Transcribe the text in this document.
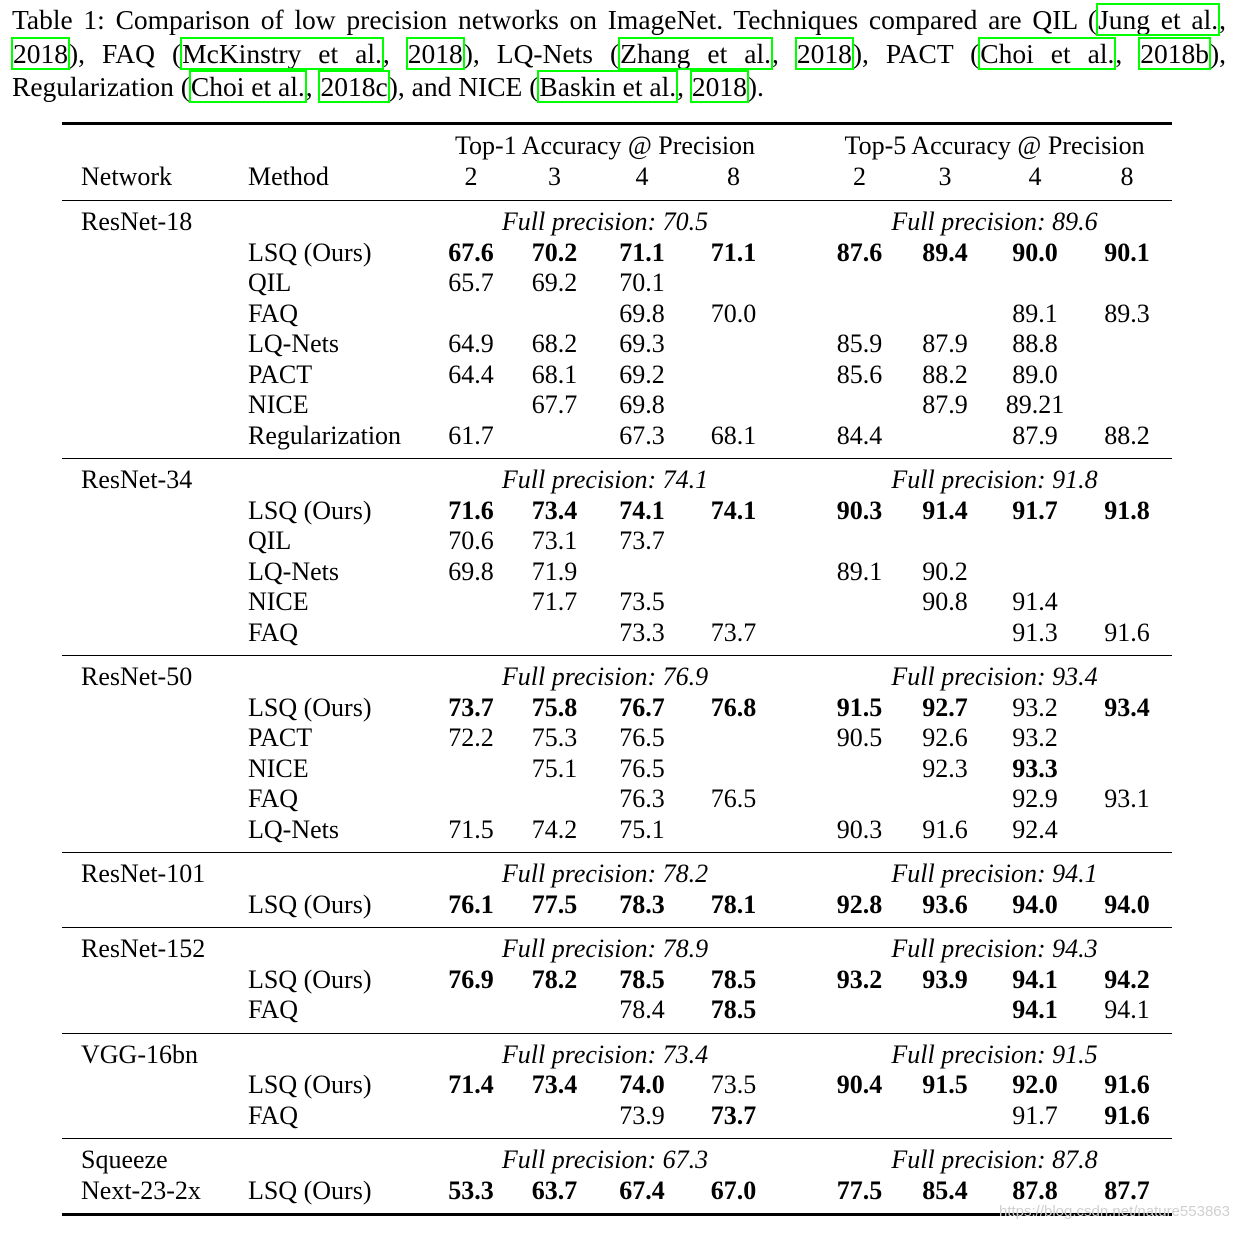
Table 1: Comparison of low precision networks on ImageNet. Techniques compared are QIL (Jung et al., 2018), FAQ (McKinstry et al., 2018), LQ-Nets (Zhang et al., 2018), PACT (Choi et al., 2018b), Regularization (Choi et al., 2018c), and NICE (Baskin et al., 2018).
		Top-1 Accuracy @ Precision					Top-5 Accuracy @ Precision			
Network	Method	2	3	4	8		2	3	4	8
ResNet-18		Full precision: 70.5					Full precision: 89.6			
	LSQ (Ours)	67.6	70.2	71.1	71.1		87.6	89.4	90.0	90.1
	QIL	65.7	69.2	70.1						
	FAQ			69.8	70.0				89.1	89.3
	LQ-Nets	64.9	68.2	69.3			85.9	87.9	88.8	
	PACT	64.4	68.1	69.2			85.6	88.2	89.0	
	NICE		67.7	69.8				87.9	89.21	
	Regularization	61.7		67.3	68.1		84.4		87.9	88.2
ResNet-34		Full precision: 74.1					Full precision: 91.8			
	LSQ (Ours)	71.6	73.4	74.1	74.1		90.3	91.4	91.7	91.8
	QIL	70.6	73.1	73.7						
	LQ-Nets	69.8	71.9				89.1	90.2		
	NICE		71.7	73.5				90.8	91.4	
	FAQ			73.3	73.7				91.3	91.6
ResNet-50		Full precision: 76.9					Full precision: 93.4			
	LSQ (Ours)	73.7	75.8	76.7	76.8		91.5	92.7	93.2	93.4
	PACT	72.2	75.3	76.5			90.5	92.6	93.2	
	NICE		75.1	76.5				92.3	93.3	
	FAQ			76.3	76.5				92.9	93.1
	LQ-Nets	71.5	74.2	75.1			90.3	91.6	92.4	
ResNet-101		Full precision: 78.2					Full precision: 94.1			
	LSQ (Ours)	76.1	77.5	78.3	78.1		92.8	93.6	94.0	94.0
ResNet-152		Full precision: 78.9					Full precision: 94.3			
	LSQ (Ours)	76.9	78.2	78.5	78.5		93.2	93.9	94.1	94.2
	FAQ			78.4	78.5				94.1	94.1
VGG-16bn		Full precision: 73.4					Full precision: 91.5			
	LSQ (Ours)	71.4	73.4	74.0	73.5		90.4	91.5	92.0	91.6
	FAQ			73.9	73.7				91.7	91.6
Squeeze		Full precision: 67.3					Full precision: 87.8			
Next-23-2x	LSQ (Ours)	53.3	63.7	67.4	67.0		77.5	85.4	87.8	87.7
https://blog.csdn.net/nature553863
